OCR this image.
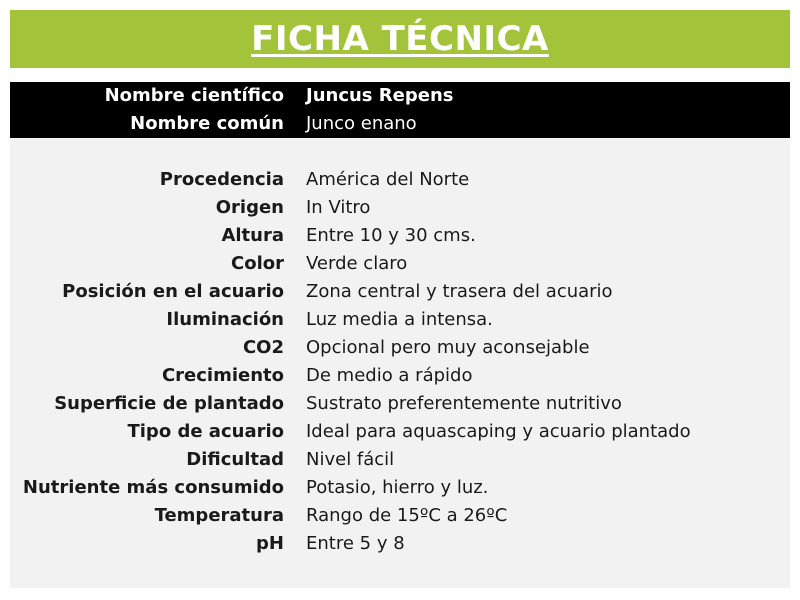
FICHA TÉCNICA
Nombre científico Juncus Repens
Nombre común Junco enano
Procedencia América del Norte
Origen In Vitro
Altura Entre 10 y 30 cms.
Color Verde claro
Posición en el acuario Zona central y trasera del acuario
Iluminación Luz media a intensa.
CO2 Opcional pero muy aconsejable
Crecimiento De medio a rápido
Superficie de plantado Sustrato preferentemente nutritivo
Tipo de acuario Ideal para aquascaping y acuario plantado
Dificultad Nivel fácil
Nutriente más consumido Potasio, hierro y luz.
Temperatura Rango de 15ºC a 26ºC
pH Entre 5 y 8
